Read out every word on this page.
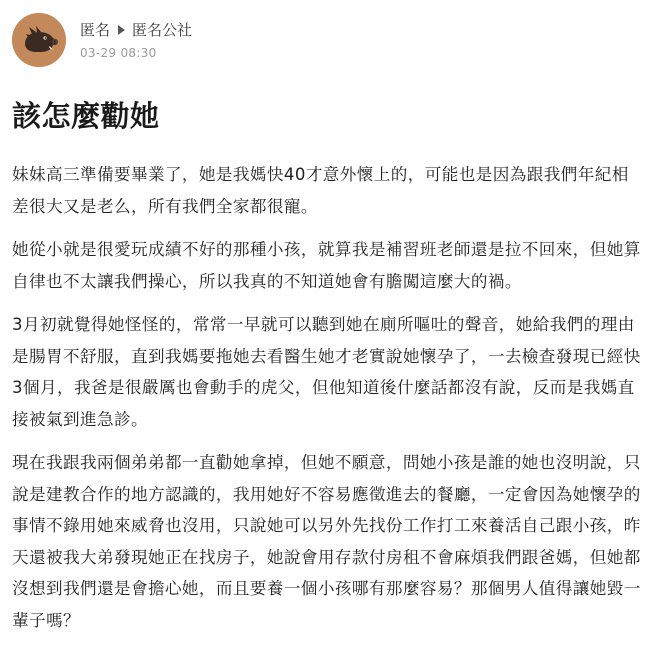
匿名 匿名公社
03-29 08:30
該怎麼勸她

妹妹高三準備要畢業了，她是我媽快40才意外懷上的，可能也是因為跟我們年紀相差很大又是老么，所有我們全家都很寵。

她從小就是很愛玩成績不好的那種小孩，就算我是補習班老師還是拉不回來，但她算自律也不太讓我們操心，所以我真的不知道她會有膽闖這麼大的禍。

3月初就覺得她怪怪的，常常一早就可以聽到她在廁所嘔吐的聲音，她給我們的理由是腸胃不舒服，直到我媽要拖她去看醫生她才老實說她懷孕了，一去檢查發現已經快3個月，我爸是很嚴厲也會動手的虎父，但他知道後什麼話都沒有說，反而是我媽直接被氣到進急診。

現在我跟我兩個弟弟都一直勸她拿掉，但她不願意，問她小孩是誰的她也沒明說，只說是建教合作的地方認識的，我用她好不容易應徵進去的餐廳，一定會因為她懷孕的事情不錄用她來威脅也沒用，只說她可以另外先找份工作打工來養活自己跟小孩，昨天還被我大弟發現她正在找房子，她說會用存款付房租不會麻煩我們跟爸媽，但她都沒想到我們還是會擔心她，而且要養一個小孩哪有那麼容易？那個男人值得讓她毀一輩子嗎？
